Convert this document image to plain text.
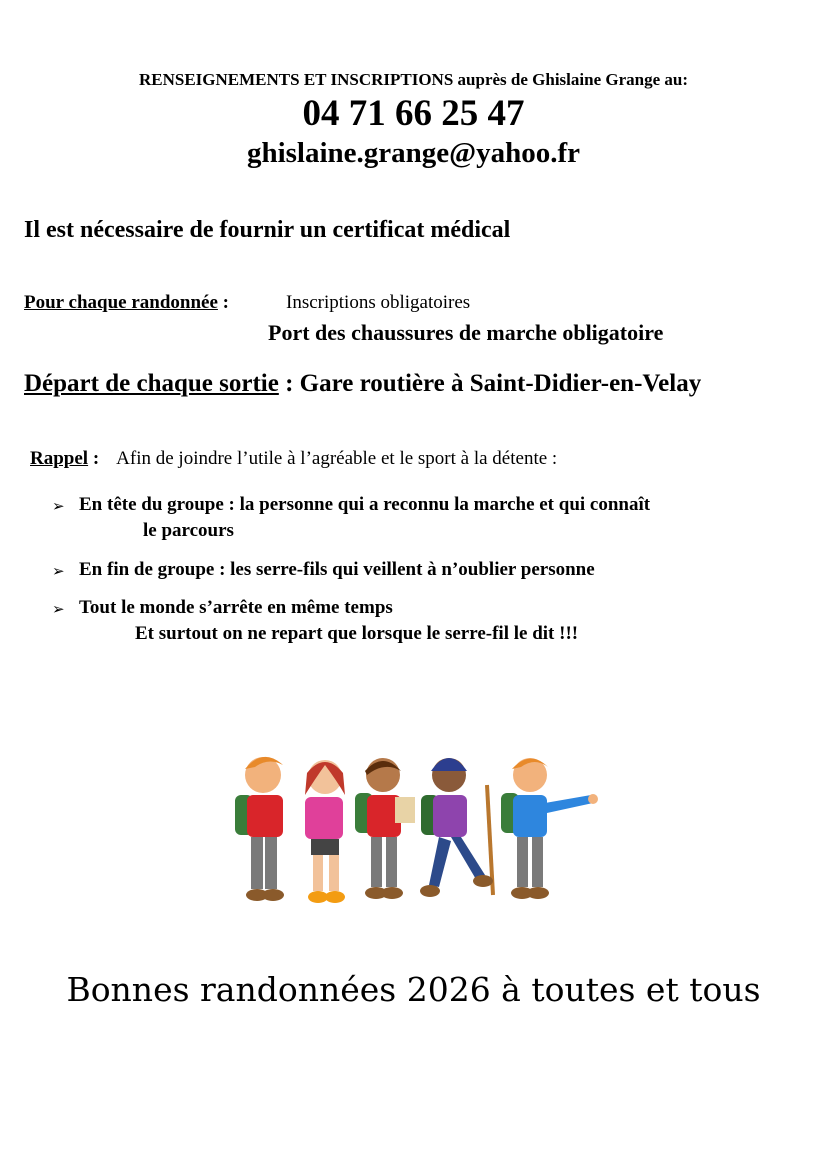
RENSEIGNEMENTS ET INSCRIPTIONS auprès de Ghislaine Grange au:
04 71 66 25 47
ghislaine.grange@yahoo.fr
Il est nécessaire de fournir un certificat médical
Pour chaque randonnée :	Inscriptions obligatoires
Port des chaussures de marche obligatoire
Départ de chaque sortie : Gare routière à Saint-Didier-en-Velay
Rappel : Afin de joindre l’utile à l’agréable et le sport à la détente :
➢ En tête du groupe : la personne qui a reconnu la marche et qui connaît
le parcours
➢ En fin de groupe : les serre-fils qui veillent à n’oublier personne
➢ Tout le monde s’arrête en même temps
Et surtout on ne repart que lorsque le serre-fil le dit !!!
Bonnes randonnées 2026 à toutes et tous
